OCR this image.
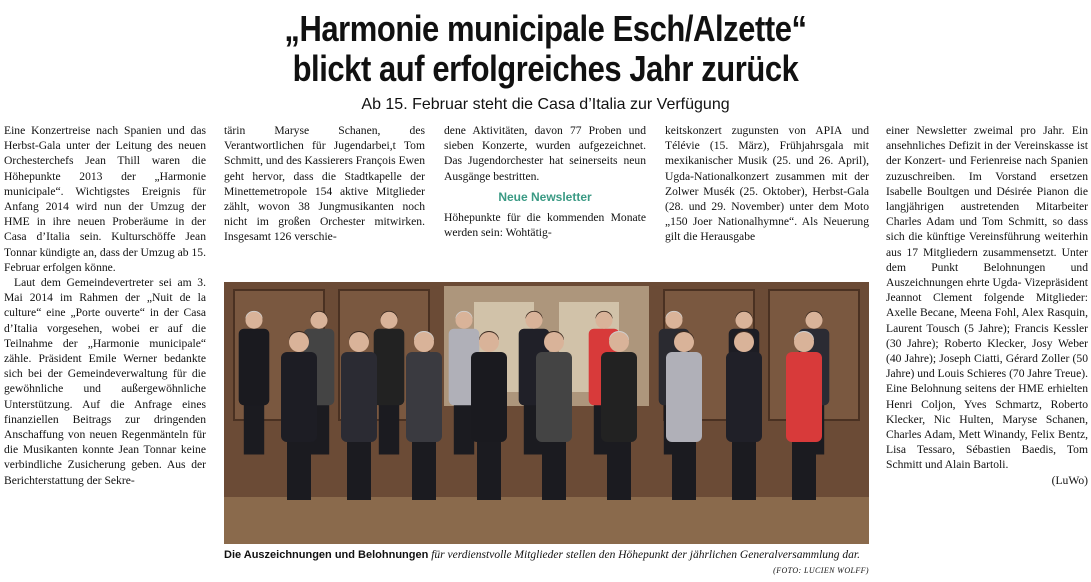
„Harmonie municipale Esch/Alzette“
blickt auf erfolgreiches Jahr zurück
Ab 15. Februar steht die Casa d’Italia zur Verfügung

Eine Konzertreise nach Spanien und das Herbst-Gala unter der Leitung des neuen Orchesterchefs Jean Thill waren die Höhepunkte 2013 der „Harmonie municipale“. Wichtigstes Ereignis für Anfang 2014 wird nun der Umzug der HME in ihre neuen Proberäume in der Casa d’Italia sein. Kulturschöffe Jean Tonnar kündigte an, dass der Umzug ab 15. Februar erfolgen könne.

Laut dem Gemeindevertreter sei am 3. Mai 2014 im Rahmen der „Nuit de la culture“ eine „Porte ouverte“ in der Casa d’Italia vorgesehen, wobei er auf die Teilnahme der „Harmonie municipale“ zähle. Präsident Emile Werner bedankte sich bei der Gemeindeverwaltung für die gewöhnliche und außergewöhnliche Unterstützung. Auf die Anfrage eines finanziellen Beitrags zur dringenden Anschaffung von neuen Regenmänteln für die Musikanten konnte Jean Tonnar keine verbindliche Zusicherung geben. Aus der Berichterstattung der Sekre-

tärin Maryse Schanen, des Verantwortlichen für Jugendarbei,t Tom Schmitt, und des Kassierers François Ewen geht hervor, dass die Stadtkapelle der Minettemetropole 154 aktive Mitglieder zählt, wovon 38 Jungmusikanten noch nicht im großen Orchester mitwirken. Insgesamt 126 verschie-

dene Aktivitäten, davon 77 Proben und sieben Konzerte, wurden aufgezeichnet. Das Jugendorchester hat seinerseits neun Ausgänge bestritten.

Neue Newsletter

Höhepunkte für die kommenden Monate werden sein: Wohtätig-

keitskonzert zugunsten von APIA und Télévie (15. März), Frühjahrsgala mit mexikanischer Musik (25. und 26. April), Ugda-Nationalkonzert zusammen mit der Zolwer Musék (25. Oktober), Herbst-Gala (28. und 29. November) unter dem Moto „150 Joer Nationalhymne“. Als Neuerung gilt die Herausgabe

einer Newsletter zweimal pro Jahr. Ein ansehnliches Defizit in der Vereinskasse ist der Konzert- und Ferienreise nach Spanien zuzuschreiben. Im Vorstand ersetzen Isabelle Boultgen und Désirée Pianon die langjährigen austretenden Mitarbeiter Charles Adam und Tom Schmitt, so dass sich die künftige Vereinsführung weiterhin aus 17 Mitgliedern zusammensetzt. Unter dem Punkt Belohnungen und Auszeichnungen ehrte Ugda- Vizepräsident Jeannot Clement folgende Mitglieder: Axelle Becane, Meena Fohl, Alex Rasquin, Laurent Tousch (5 Jahre); Francis Kessler (30 Jahre); Roberto Klecker, Josy Weber (40 Jahre); Joseph Ciatti, Gérard Zoller (50 Jahre) und Louis Schieres (70 Jahre Treue). Eine Belohnung seitens der HME erhielten Henri Coljon, Yves Schmartz, Roberto Klecker, Nic Hulten, Maryse Schanen, Charles Adam, Mett Winandy, Felix Bentz, Lisa Tessaro, Sébastien Baedis, Tom Schmitt und Alain Bartoli.

(LuWo)
Die Auszeichnungen und Belohnungen für verdienstvolle Mitglieder stellen den Höhepunkt der jährlichen Generalversammlung dar.
(FOTO: LUCIEN WOLFF)
